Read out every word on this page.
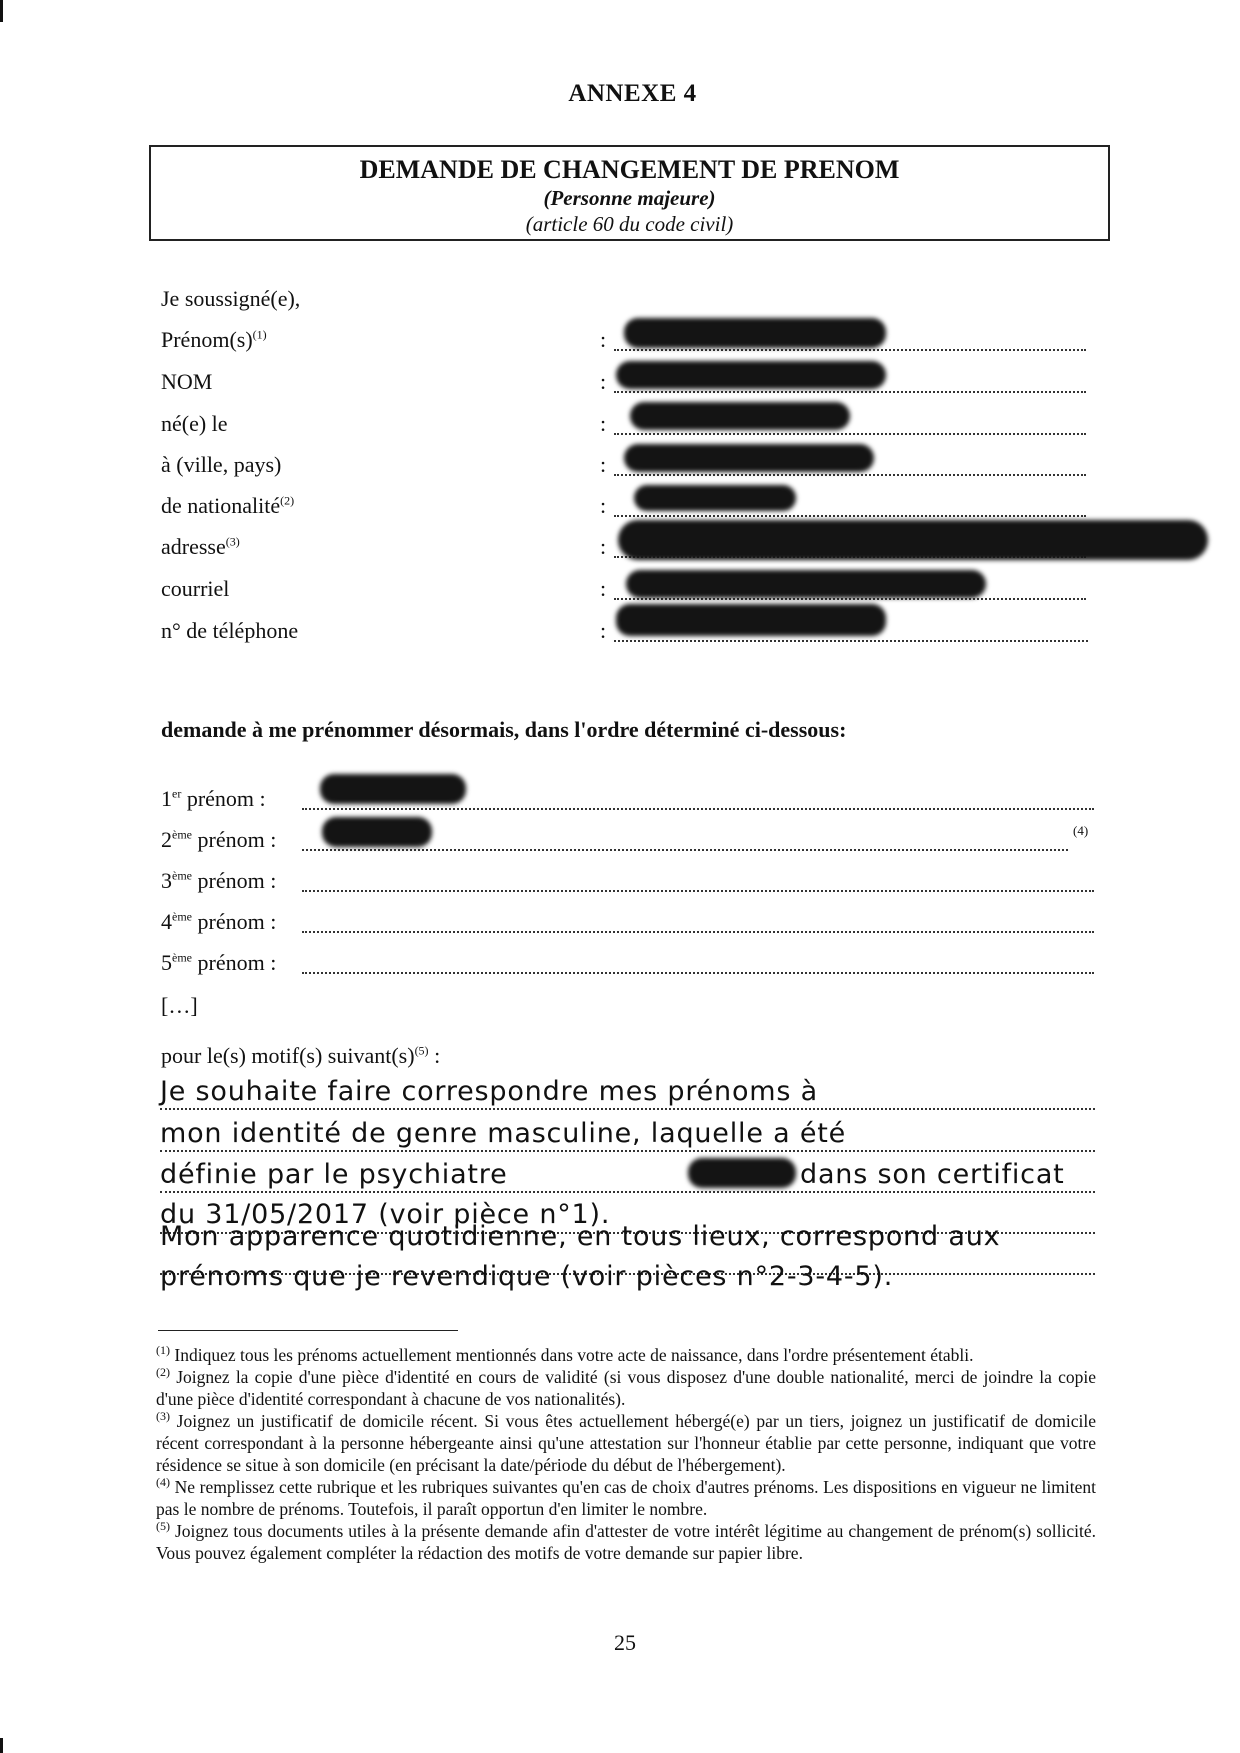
ANNEXE 4
DEMANDE DE CHANGEMENT DE PRENOM
(Personne majeure)
(article 60 du code civil)
Je soussigné(e),
$Prénom(s)^{(1)}$	:
NOM	:
né(e) le	:
à (ville, pays)	:
de nationalité$^{(2)}$	:
adresse$^{(3)}$	:
courriel	:
n° de téléphone	:
demande à me prénommer désormais, dans l'ordre déterminé ci-dessous:
1er prénom :
2ème prénom :	(4)
3ème prénom :
4ème prénom :
5ème prénom :
[…]
pour le(s) motif(s) $suivant(s)^{(5)}$ :
Je souhaite faire correspondre mes prénoms à
mon identité de genre masculine, laquelle a été
définie par le psychiatre	dans son certificat
du 31/05/2017 (voir pièce n°1).
Mon apparence quotidienne, en tous lieux, correspond aux
prénoms que je revendique (voir pièces n°2-3-4-5).

$^{(1)}$ Indiquez tous les prénoms actuellement mentionnés dans votre acte de naissance, dans l'ordre présentement établi.

$^{(2)}$ Joignez la copie d'une pièce d'identité en cours de validité (si vous disposez d'une double nationalité, merci de joindre la copie d'une pièce d'identité correspondant à chacune de vos nationalités).

$^{(3)}$ Joignez un justificatif de domicile récent. Si vous êtes actuellement hébergé(e) par un tiers, joignez un justificatif de domicile récent correspondant à la personne hébergeante ainsi qu'une attestation sur l'honneur établie par cette personne, indiquant que votre résidence se situe à son domicile (en précisant la date/période du début de l'hébergement).

$^{(4)}$ Ne remplissez cette rubrique et les rubriques suivantes qu'en cas de choix d'autres prénoms. Les dispositions en vigueur ne limitent pas le nombre de prénoms. Toutefois, il paraît opportun d'en limiter le nombre.

$^{(5)}$ Joignez tous documents utiles à la présente demande afin d'attester de votre intérêt légitime au changement de prénom(s) sollicité. Vous pouvez également compléter la rédaction des motifs de votre demande sur papier libre.

25
